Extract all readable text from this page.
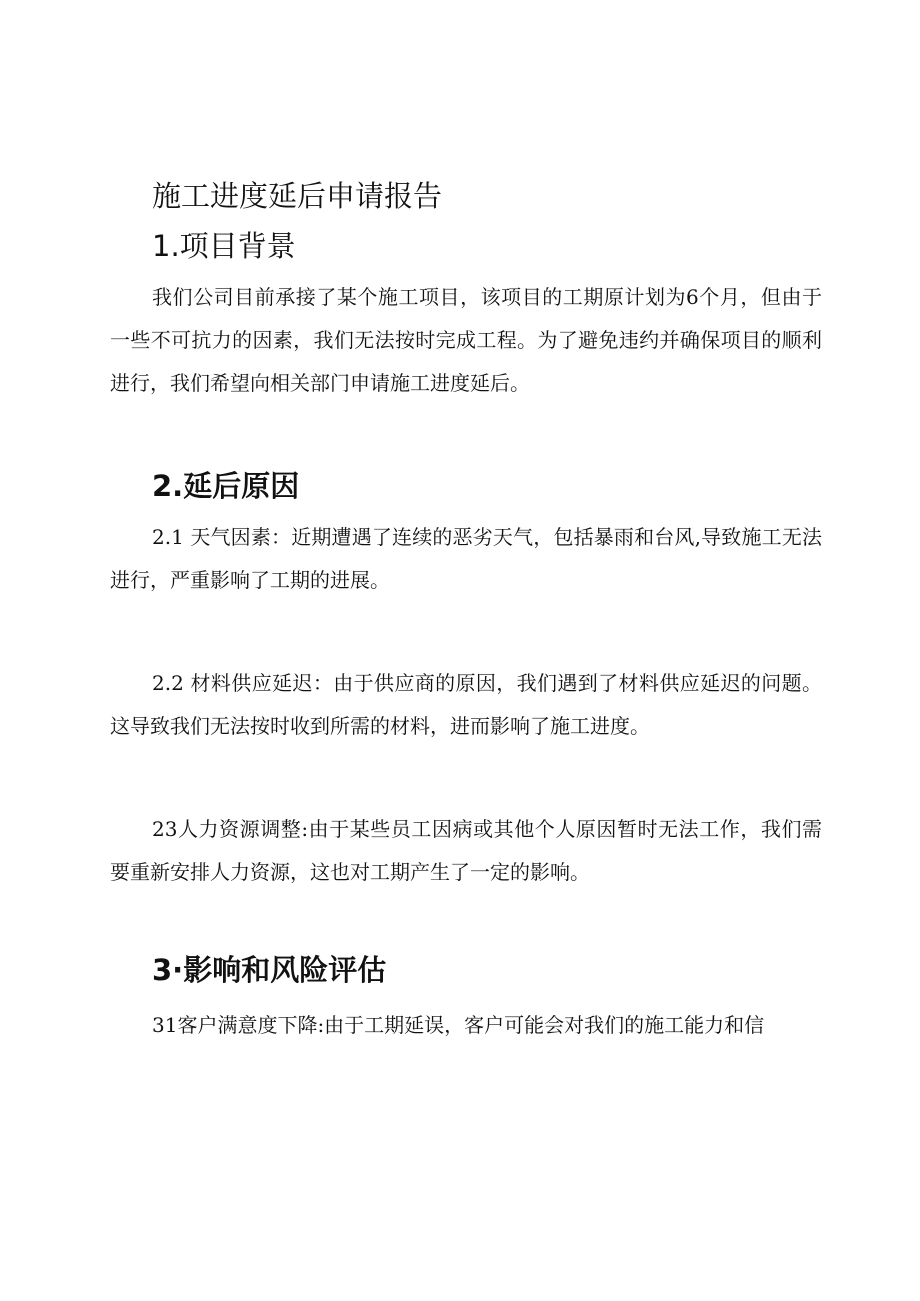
施工进度延后申请报告
1.项目背景

我们公司目前承接了某个施工项目，该项目的工期原计划为6个月，但由于一些不可抗力的因素，我们无法按时完成工程。为了避免违约并确保项目的顺利进行，我们希望向相关部门申请施工进度延后。

2.延后原因

2.1 天气因素：近期遭遇了连续的恶劣天气，包括暴雨和台风,导致施工无法进行，严重影响了工期的进展。

2.2 材料供应延迟：由于供应商的原因，我们遇到了材料供应延迟的问题。这导致我们无法按时收到所需的材料，进而影响了施工进度。

23人力资源调整:由于某些员工因病或其他个人原因暂时无法工作，我们需要重新安排人力资源，这也对工期产生了一定的影响。

3·影响和风险评估

31客户满意度下降:由于工期延误，客户可能会对我们的施工能力和信
